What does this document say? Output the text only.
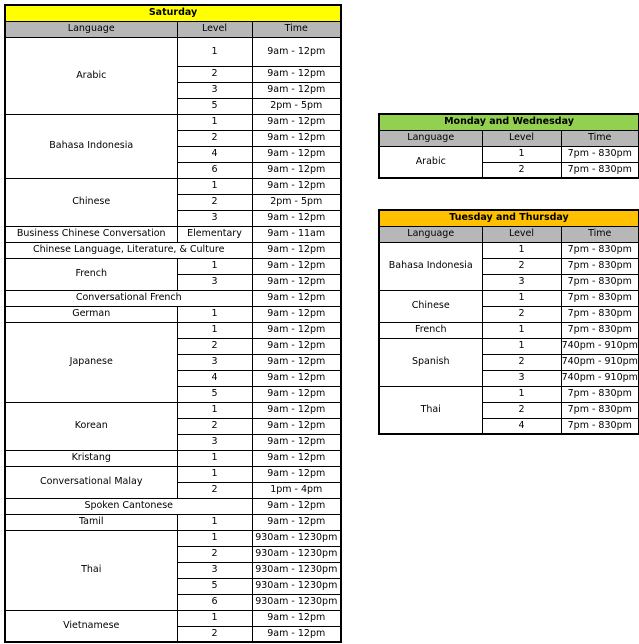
Saturday		
Language	Level	Time
Arabic	1	9am - 12pm
	2	9am - 12pm
	3	9am - 12pm
	5	2pm - 5pm
Bahasa Indonesia	1	9am - 12pm
	2	9am - 12pm
	4	9am - 12pm
	6	9am - 12pm
Chinese	1	9am - 12pm
	2	2pm - 5pm
	3	9am - 12pm
Business Chinese Conversation	Elementary	9am - 11am
Chinese Language, Literature, & Culture		9am - 12pm
French	1	9am - 12pm
	3	9am - 12pm
Conversational French		9am - 12pm
German	1	9am - 12pm
Japanese	1	9am - 12pm
	2	9am - 12pm
	3	9am - 12pm
	4	9am - 12pm
	5	9am - 12pm
Korean	1	9am - 12pm
	2	9am - 12pm
	3	9am - 12pm
Kristang	1	9am - 12pm
Conversational Malay	1	9am - 12pm
	2	1pm - 4pm
Spoken Cantonese		9am - 12pm
Tamil	1	9am - 12pm
Thai	1	930am - 1230pm
	2	930am - 1230pm
	3	930am - 1230pm
	5	930am - 1230pm
	6	930am - 1230pm
Vietnamese	1	9am - 12pm
	2	9am - 12pm
Monday and Wednesday		
Language	Level	Time
Arabic	1	7pm - 830pm
	2	7pm - 830pm
Tuesday and Thursday		
Language	Level	Time
Bahasa Indonesia	1	7pm - 830pm
	2	7pm - 830pm
	3	7pm - 830pm
Chinese	1	7pm - 830pm
	2	7pm - 830pm
French	1	7pm - 830pm
Spanish	1	740pm - 910pm
	2	740pm - 910pm
	3	740pm - 910pm
Thai	1	7pm - 830pm
	2	7pm - 830pm
	4	7pm - 830pm
